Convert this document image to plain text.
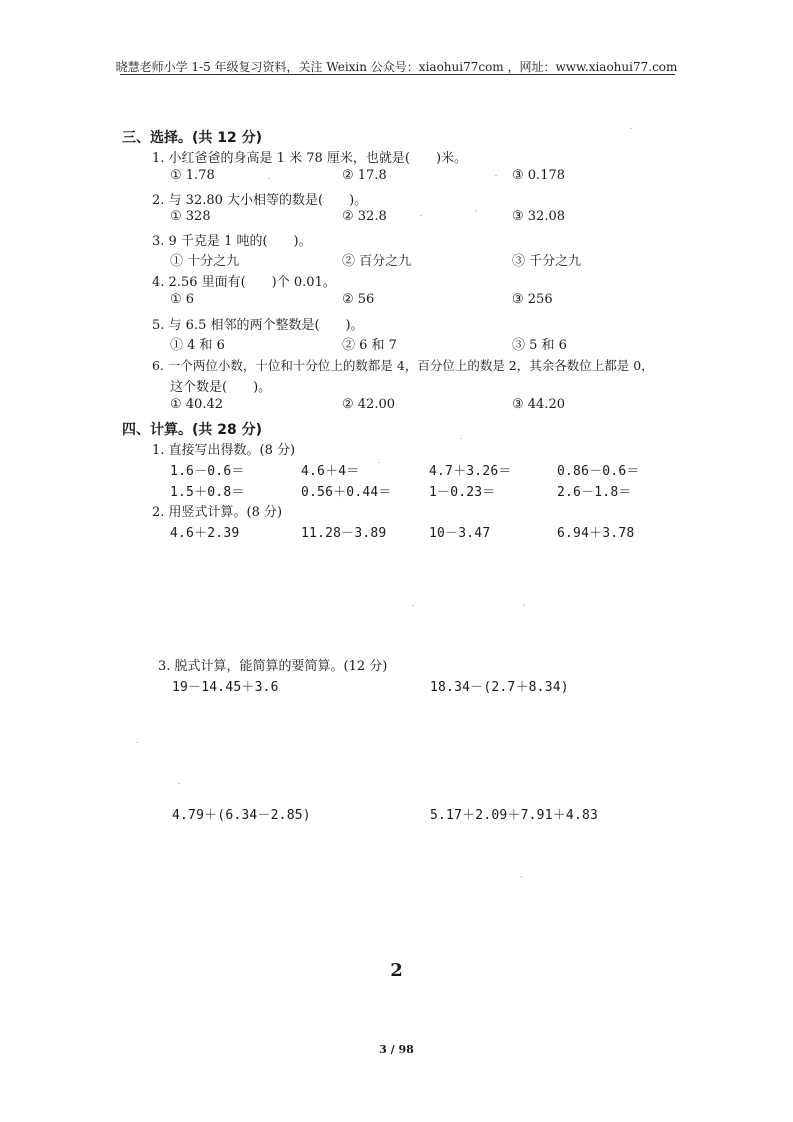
晓慧老师小学 1-5 年级复习资料，关注 Weixin 公众号：xiaohui77com ，网址：www.xiaohui77.com
三、选择。(共 12 分)
1. 小红爸爸的身高是 1 米 78 厘米，也就是(　　)米。
① 1.78	② 17.8	③ 0.178
2. 与 32.80 大小相等的数是(　　)。
① 328	② 32.8	③ 32.08
3. 9 千克是 1 吨的(　　)。
① 十分之九	② 百分之九	③ 千分之九
4. 2.56 里面有(　　)个 0.01。
① 6	② 56	③ 256
5. 与 6.5 相邻的两个整数是(　　)。
① 4 和 6	② 6 和 7	③ 5 和 6
6. 一个两位小数，十位和十分位上的数都是 4，百分位上的数是 2，其余各数位上都是 0，
这个数是(　　)。
① 40.42	② 42.00	③ 44.20
四、计算。(共 28 分)
1. 直接写出得数。(8 分)
1.6－0.6＝	4.6＋4＝	4.7＋3.26＝	0.86－0.6＝
1.5＋0.8＝	0.56＋0.44＝	1－0.23＝	2.6－1.8＝
2. 用竖式计算。(8 分)
4.6＋2.39	11.28－3.89	10－3.47	6.94＋3.78
3. 脱式计算，能简算的要简算。(12 分)
19－14.45＋3.6	18.34－(2.7＋8.34)
4.79＋(6.34－2.85)	5.17＋2.09＋7.91＋4.83
2
3 / 98
